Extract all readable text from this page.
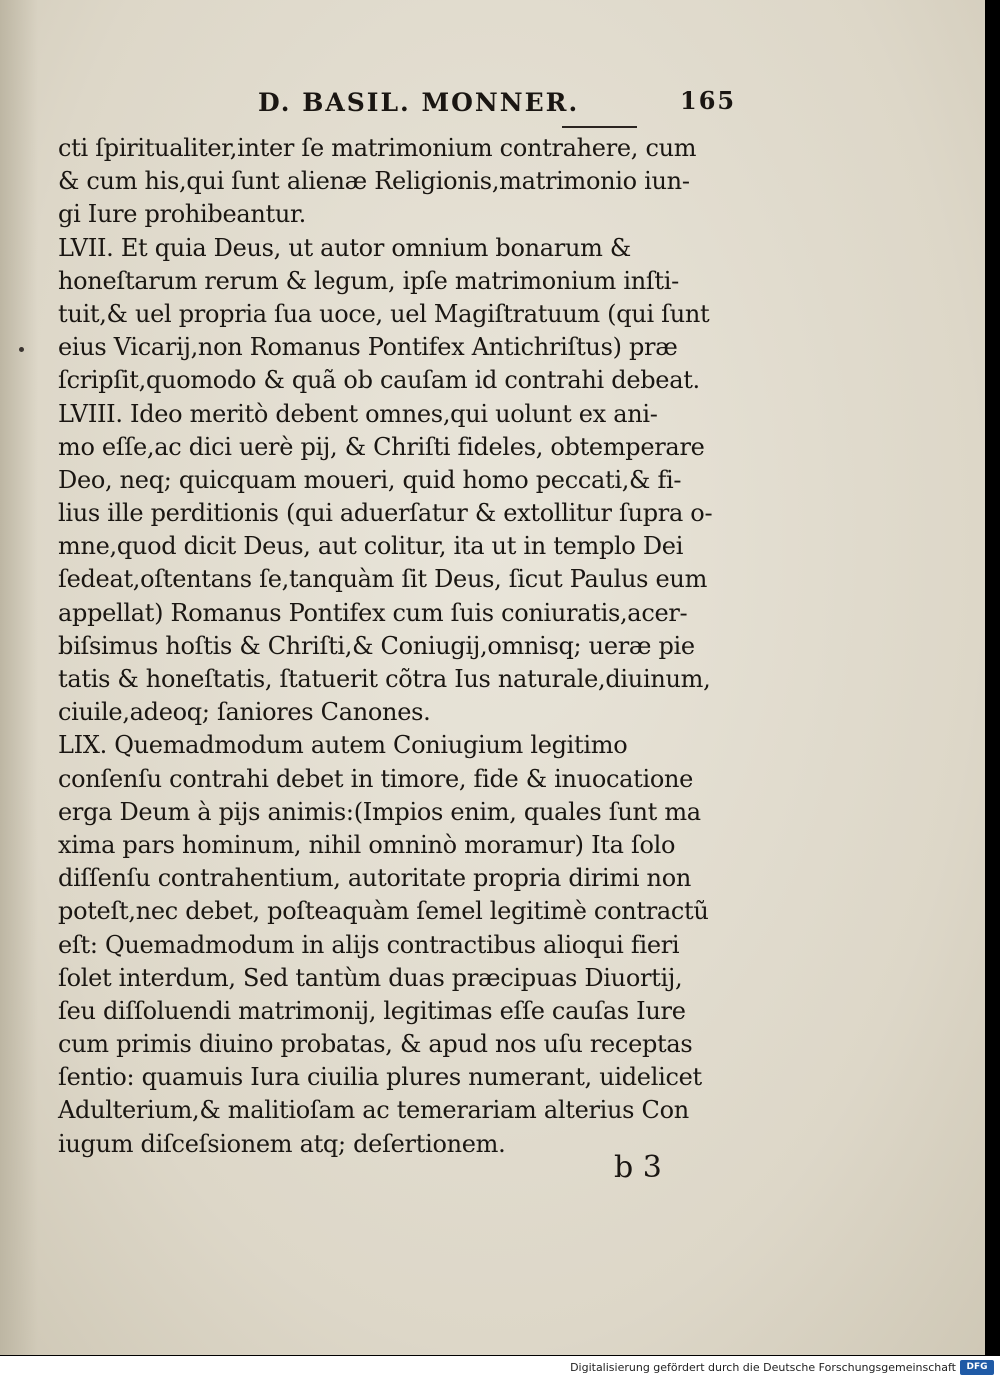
D. BASIL. MONNER.	165
cti ſpiritualiter,inter ſe matrimonium contrahere, cum
& cum his,qui ſunt alienæ Religionis,matrimonio iun-
gi Iure prohibeantur.
LVII. Et quia Deus, ut autor omnium bonarum &
honeſtarum rerum & legum, ipſe matrimonium inſti-
tuit,& uel propria ſua uoce, uel Magiſtratuum (qui ſunt
eius Vicarij,non Romanus Pontifex Antichriſtus) præ
ſcripſit,quomodo & quã ob cauſam id contrahi debeat.
LVIII. Ideo meritò debent omnes,qui uolunt ex ani-
mo eſſe,ac dici uerè pij, & Chriſti fideles, obtemperare
Deo, neq; quicquam moueri, quid homo peccati,& fi-
lius ille perditionis (qui aduerſatur & extollitur ſupra o-
mne,quod dicit Deus, aut colitur, ita ut in templo Dei
ſedeat,oſtentans ſe,tanquàm ſit Deus, ſicut Paulus eum
appellat) Romanus Pontifex cum ſuis coniuratis,acer-
biſsimus hoſtis & Chriſti,& Coniugij,omnisq; ueræ pie
tatis & honeſtatis, ſtatuerit cõtra Ius naturale,diuinum,
ciuile,adeoq; ſaniores Canones.
LIX. Quemadmodum autem Coniugium legitimo
conſenſu contrahi debet in timore, fide & inuocatione
erga Deum à pijs animis:(Impios enim, quales ſunt ma
xima pars hominum, nihil omninò moramur) Ita ſolo
diſſenſu contrahentium, autoritate propria dirimi non
poteſt,nec debet, poſteaquàm ſemel legitimè contractũ
eſt: Quemadmodum in alijs contractibus alioqui fieri
ſolet interdum, Sed tantùm duas præcipuas Diuortij,
ſeu diſſoluendi matrimonij, legitimas eſſe cauſas Iure
cum primis diuino probatas, & apud nos uſu receptas
ſentio: quamuis Iura ciuilia plures numerant, uidelicet
Adulterium,& malitioſam ac temerariam alterius Con
iugum diſceſsionem atq; deſertionem.
b 3
Digitalisierung gefördert durch die Deutsche Forschungsgemeinschaft	DFG
